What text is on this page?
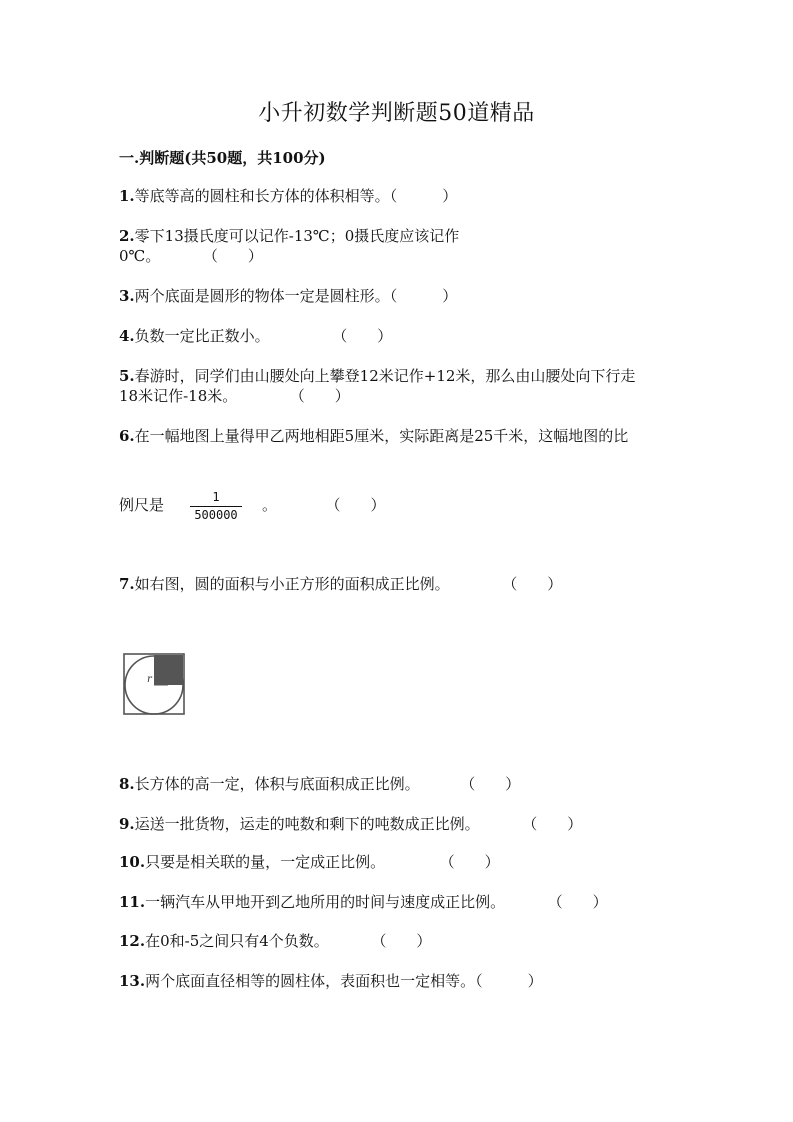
小升初数学判断题50道精品
一.判断题(共50题，共100分)
1.等底等高的圆柱和长方体的体积相等。（　　　）
2.零下13摄氏度可以记作-13℃；0摄氏度应该记作
0℃。	（　　）
3.两个底面是圆形的物体一定是圆柱形。（　　　）
4.负数一定比正数小。	（　　）
5.春游时，同学们由山腰处向上攀登12米记作+12米，那么由山腰处向下行走
18米记作-18米。	（　　）
6.在一幅地图上量得甲乙两地相距5厘米，实际距离是25千米，这幅地图的比
例尺是	。	（　　）
$\frac{1}{500000}$
7.如右图，圆的面积与小正方形的面积成正比例。	（　　）
r
8.长方体的高一定，体积与底面积成正比例。	（　　）
9.运送一批货物，运走的吨数和剩下的吨数成正比例。	（　　）
10.只要是相关联的量，一定成正比例。	（　　）
11.一辆汽车从甲地开到乙地所用的时间与速度成正比例。	（　　）
12.在0和-5之间只有4个负数。	（　　）
13.两个底面直径相等的圆柱体，表面积也一定相等。（　　　）
